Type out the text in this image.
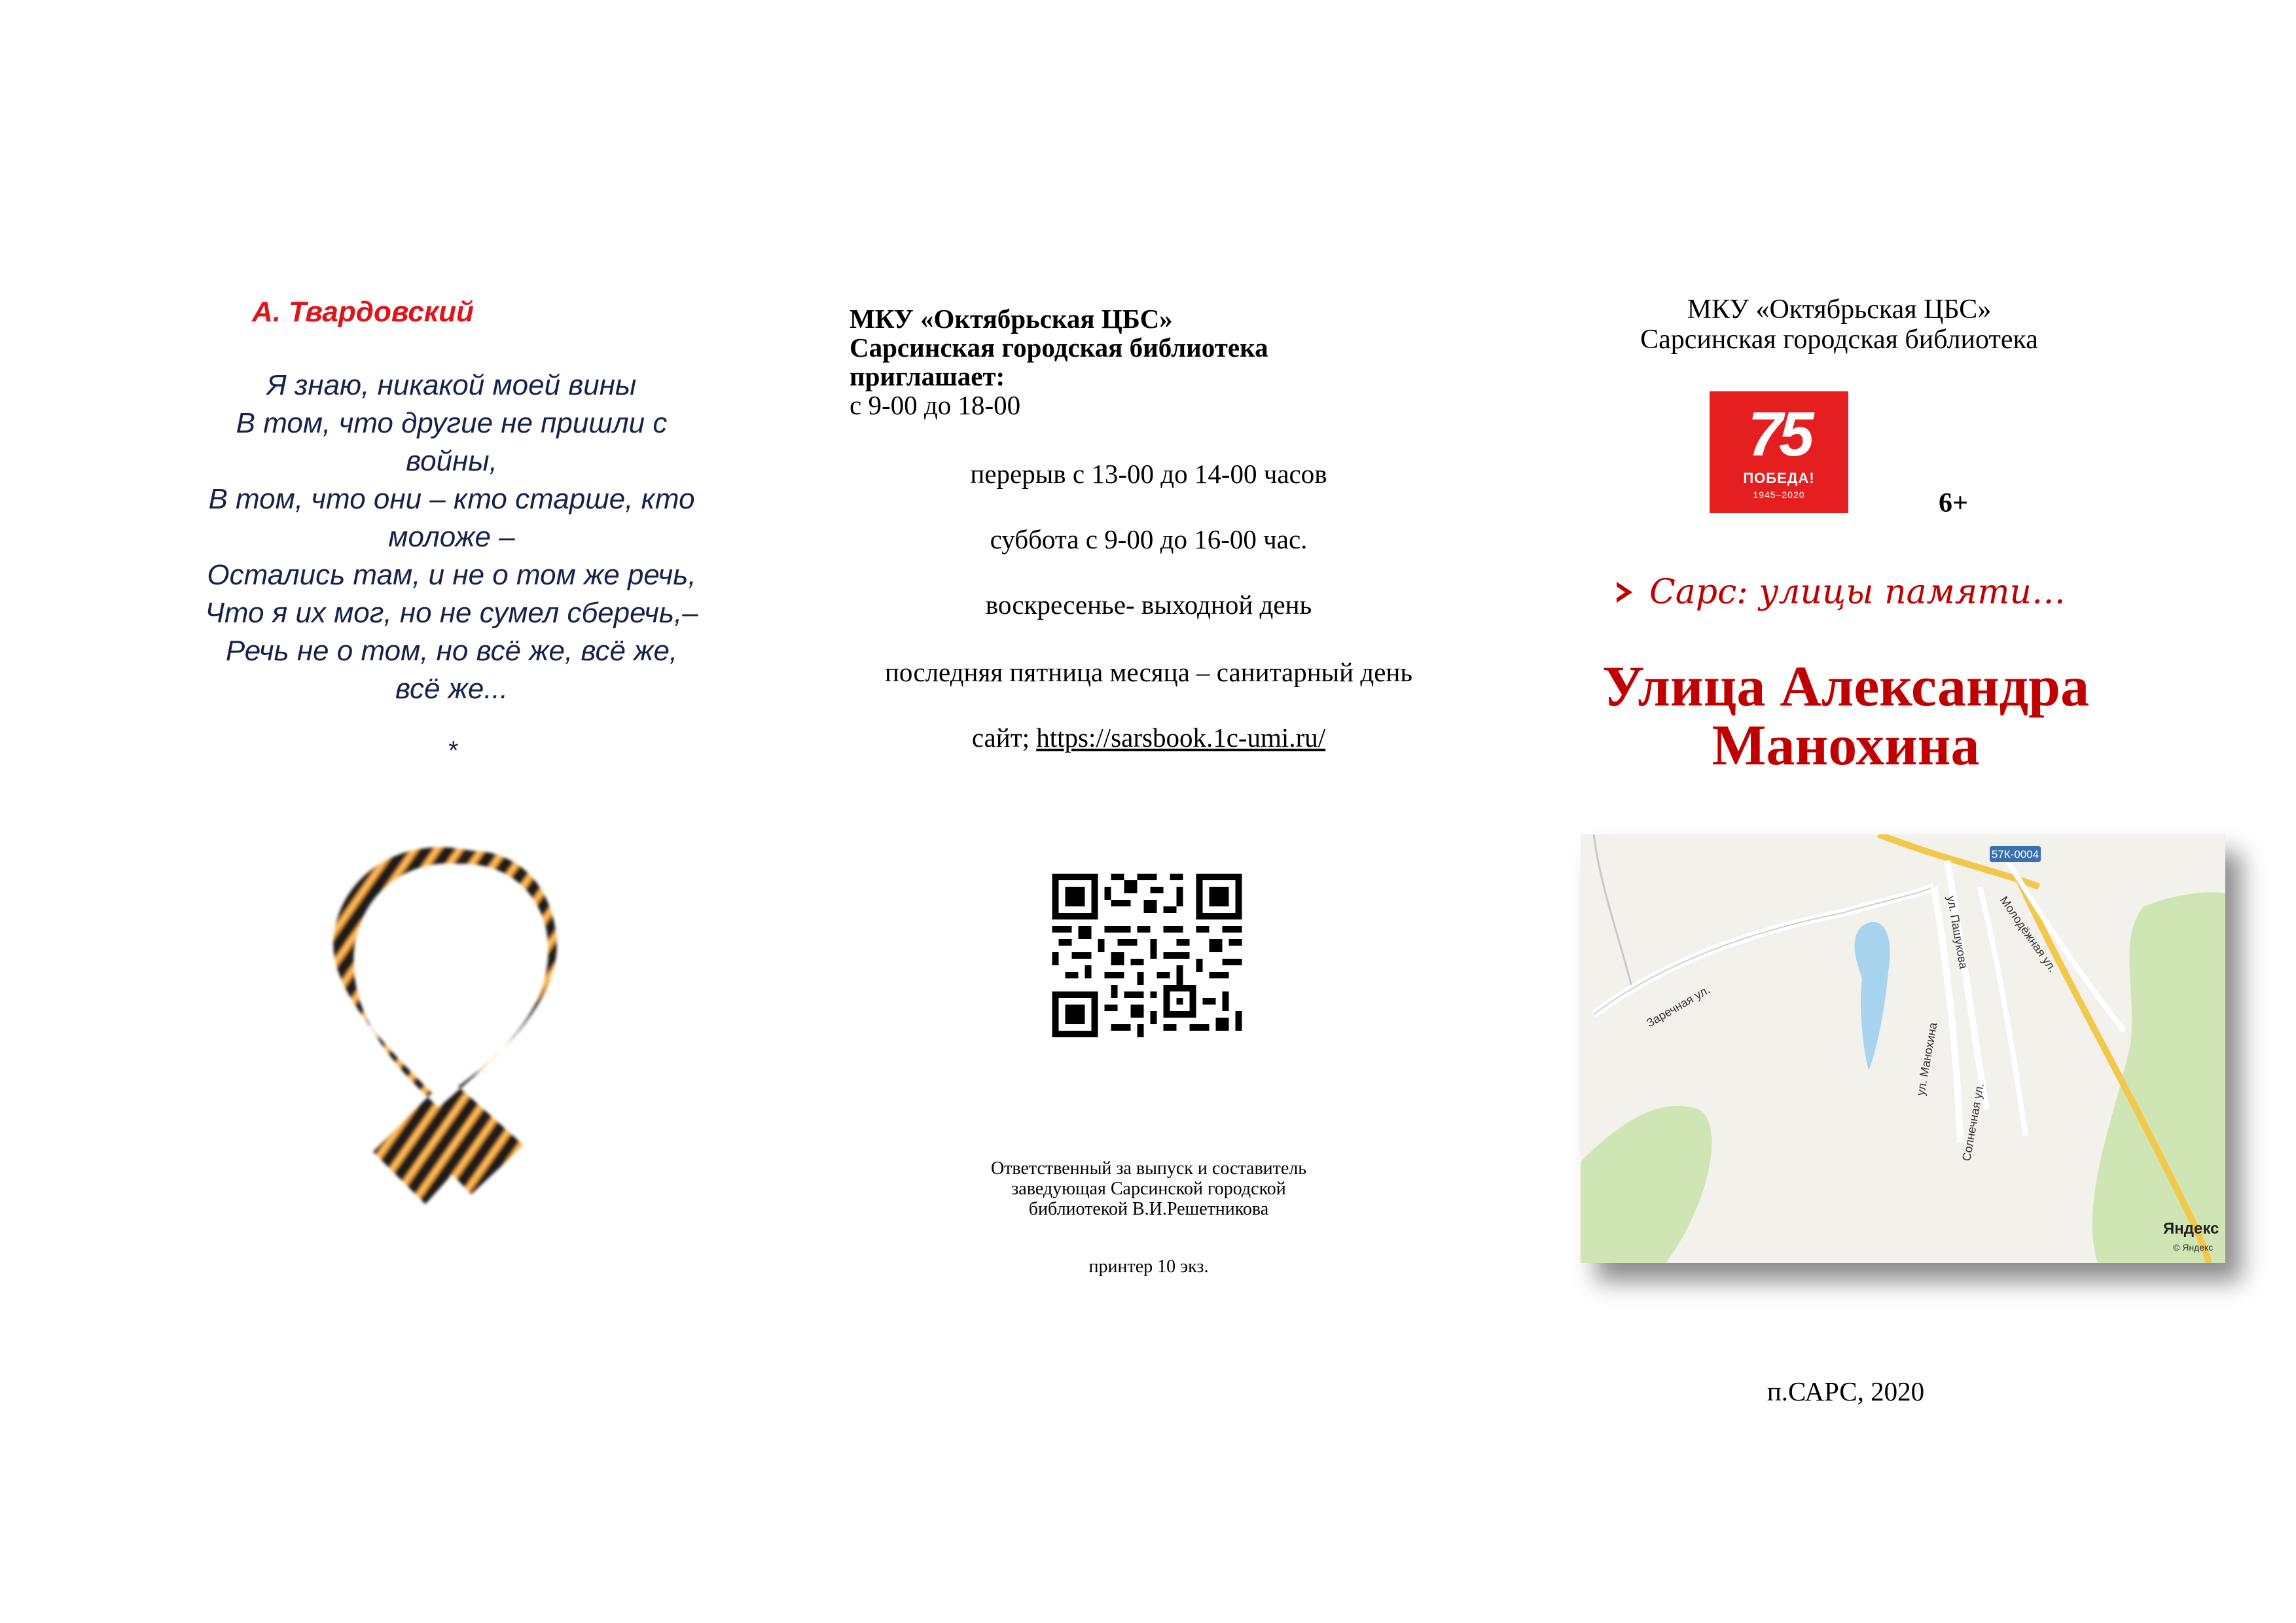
А. Твардовский
Я знаю, никакой моей вины
В том, что другие не пришли с
войны,
В том, что они – кто старше, кто
моложе –
Остались там, и не о том же речь,
Что я их мог, но не сумел сберечь,–
Речь не о том, но всё же, всё же,
всё же...
*
МКУ «Октябрьская ЦБС»
Сарсинская городская библиотека
приглашает:
с 9-00 до 18-00
перерыв с 13-00 до 14-00 часов
суббота с 9-00 до 16-00 час.
воскресенье- выходной день
последняя пятница месяца – санитарный день
сайт; https://sarsbook.1c-umi.ru/
Ответственный за выпуск и составитель
заведующая Сарсинской городской
библиотекой В.И.Решетникова
принтер 10 экз.
МКУ «Октябрьская ЦБС»
Сарсинская городская библиотека
75
ПОБЕДА!
1945–2020	6+
Сарс: улицы памяти…
Улица Александра
Манохина
57К-0004
Заречная ул.
ул. Пашукова Молодёжная ул.
ул. Манохина
Солнечная ул.
Яндекс
© Яндекс
п.САРС, 2020
